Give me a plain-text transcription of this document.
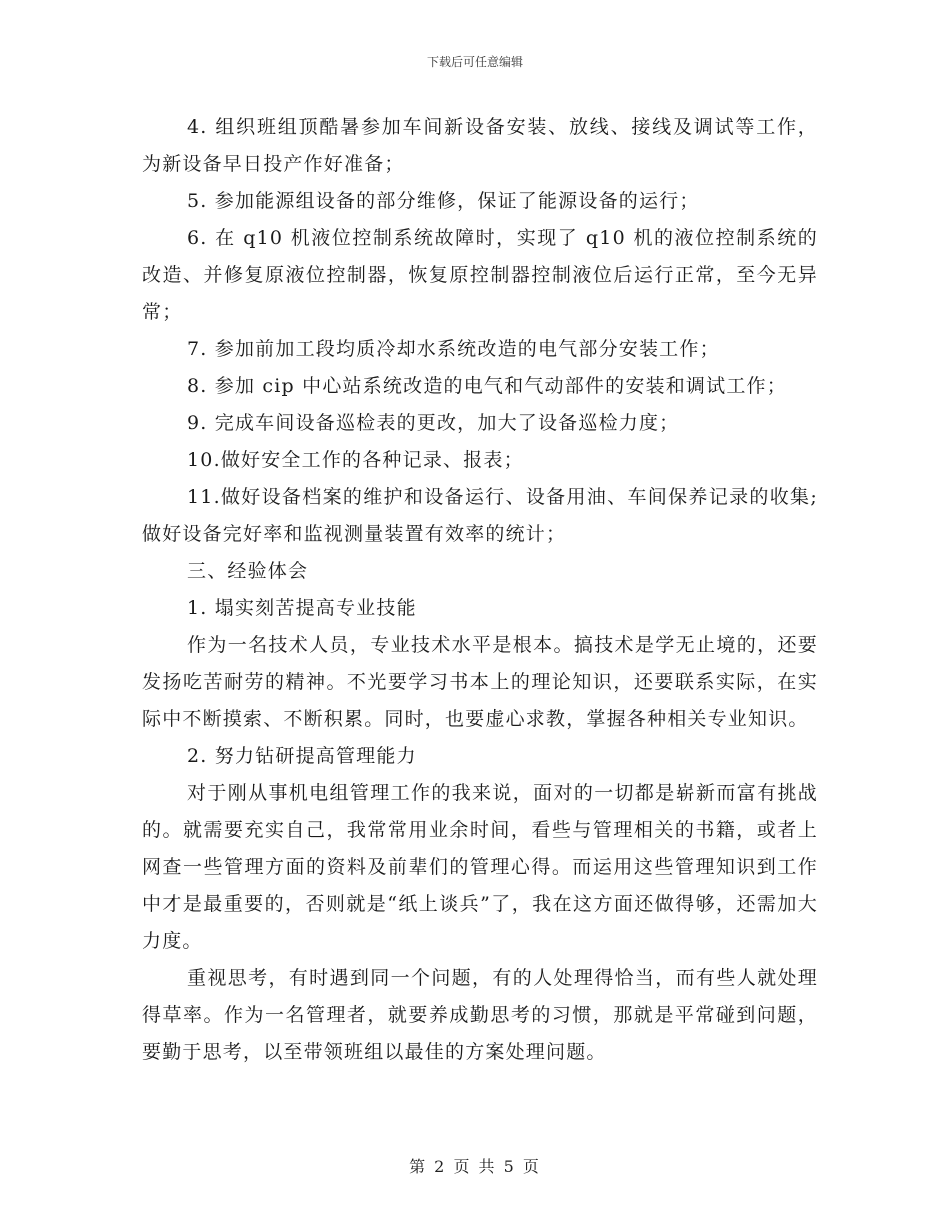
下载后可任意编辑

4. 组织班组顶酷暑参加车间新设备安装、放线、接线及调试等工作，为新设备早日投产作好准备；

5. 参加能源组设备的部分维修，保证了能源设备的运行；

6. 在 q10 机液位控制系统故障时，实现了 q10 机的液位控制系统的改造、并修复原液位控制器，恢复原控制器控制液位后运行正常，至今无异常；

7. 参加前加工段均质冷却水系统改造的电气部分安装工作；

8. 参加 cip 中心站系统改造的电气和气动部件的安装和调试工作；

9. 完成车间设备巡检表的更改，加大了设备巡检力度；

10.做好安全工作的各种记录、报表；

11.做好设备档案的维护和设备运行、设备用油、车间保养记录的收集;做好设备完好率和监视测量装置有效率的统计；

三、经验体会

1. 塌实刻苦提高专业技能

作为一名技术人员，专业技术水平是根本。搞技术是学无止境的，还要发扬吃苦耐劳的精神。不光要学习书本上的理论知识，还要联系实际，在实际中不断摸索、不断积累。同时，也要虚心求教，掌握各种相关专业知识。

2. 努力钻研提高管理能力

对于刚从事机电组管理工作的我来说，面对的一切都是崭新而富有挑战的。就需要充实自己，我常常用业余时间，看些与管理相关的书籍，或者上网查一些管理方面的资料及前辈们的管理心得。而运用这些管理知识到工作中才是最重要的，否则就是“纸上谈兵”了，我在这方面还做得够，还需加大力度。

重视思考，有时遇到同一个问题，有的人处理得恰当，而有些人就处理得草率。作为一名管理者，就要养成勤思考的习惯，那就是平常碰到问题，要勤于思考，以至带领班组以最佳的方案处理问题。

第 2 页 共 5 页
